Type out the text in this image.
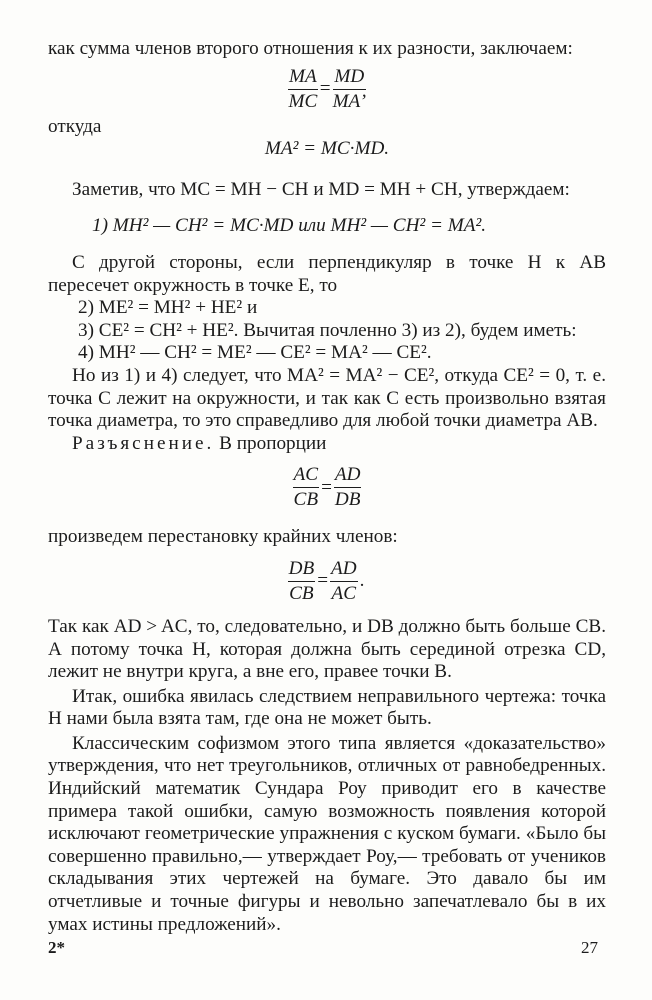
как сумма членов второго отношения к их разности, заключаем:

$\frac{MA}{MC} = \frac{MD}{MA’}$

откуда

MA² = MC·MD.

Заметив, что MC = MH − CH и MD = MH + CH, утверждаем:

1) MH² — CH² = MC·MD или MH² — CH² = MA².

С другой стороны, если перпендикуляр в точке H к AB пересечет окружность в точке E, то

2) ME² = MH² + HE² и

3) CE² = CH² + HE². Вычитая почленно 3) из 2), будем иметь:

4) MH² — CH² = ME² — CE² = MA² — CE².

Но из 1) и 4) следует, что MA² = MA² − CE², откуда CE² = 0, т. е. точка C лежит на окружности, и так как C есть произвольно взятая точка диаметра, то это справедливо для любой точки диаметра AB.

Разъяснение. В пропорции

$\frac{AC}{CB} = \frac{AD}{DB}$

произведем перестановку крайних членов:

$\frac{DB}{CB} = \frac{AD}{AC}$ .

Так как AD > AC, то, следовательно, и DB должно быть больше CB. А потому точка H, которая должна быть серединой отрезка CD, лежит не внутри круга, а вне его, правее точки B.

Итак, ошибка явилась следствием неправильного чертежа: точка H нами была взята там, где она не может быть.

Классическим софизмом этого типа является «доказательство» утверждения, что нет треугольников, отличных от равнобедренных. Индийский математик Сундара Роу приводит его в качестве примера такой ошибки, самую возможность появления которой исключают геометрические упражнения с куском бумаги. «Было бы совершенно правильно,— утверждает Роу,— требовать от учеников складывания этих чертежей на бумаге. Это давало бы им отчетливые и точные фигуры и невольно запечатлевало бы в их умах истины предложений».

2*	27
